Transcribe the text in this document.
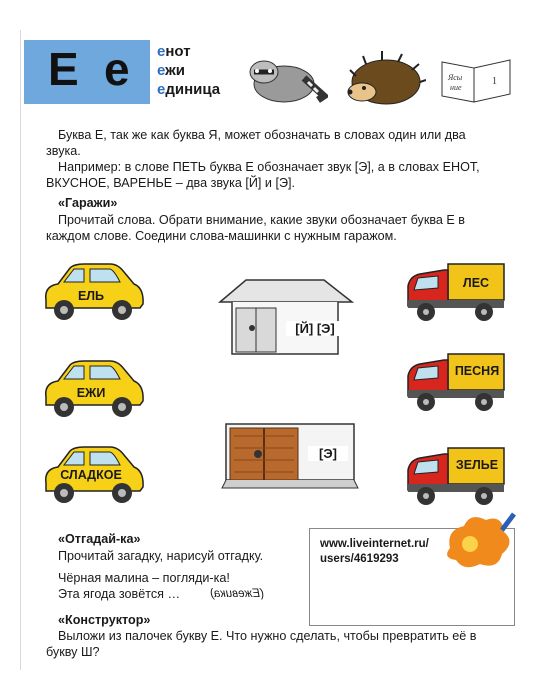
Е е енот
ежи
единица
Ясы
ние
1
Буква Е, так же как буква Я, может обозначать в словах один или два звука.
Например: в слове ПЕТЬ буква Е обозначает звук [Э], а в словах ЕНОТ, ВКУСНОЕ, ВАРЕНЬЕ – два звука [Й] и [Э].
«Гаражи»
Прочитай слова. Обрати внимание, какие звуки обозначает буква Е в каждом слове. Соедини слова-машинки с нужным гаражом.
ЕЛЬ
ЕЖИ
СЛАДКОЕ
[Й] [Э]
[Э]
ЛЕС
ПЕСНЯ
ЗЕЛЬЕ
«Отгадай-ка»
Прочитай загадку, нарисуй отгадку.
Чёрная малина – погляди-ка!
Эта ягода зовётся …	(Ежевика)
www.liveinternet.ru/
users/4619293
«Конструктор»
Выложи из палочек букву Е. Что нужно сделать, чтобы превратить её в букву Ш?
